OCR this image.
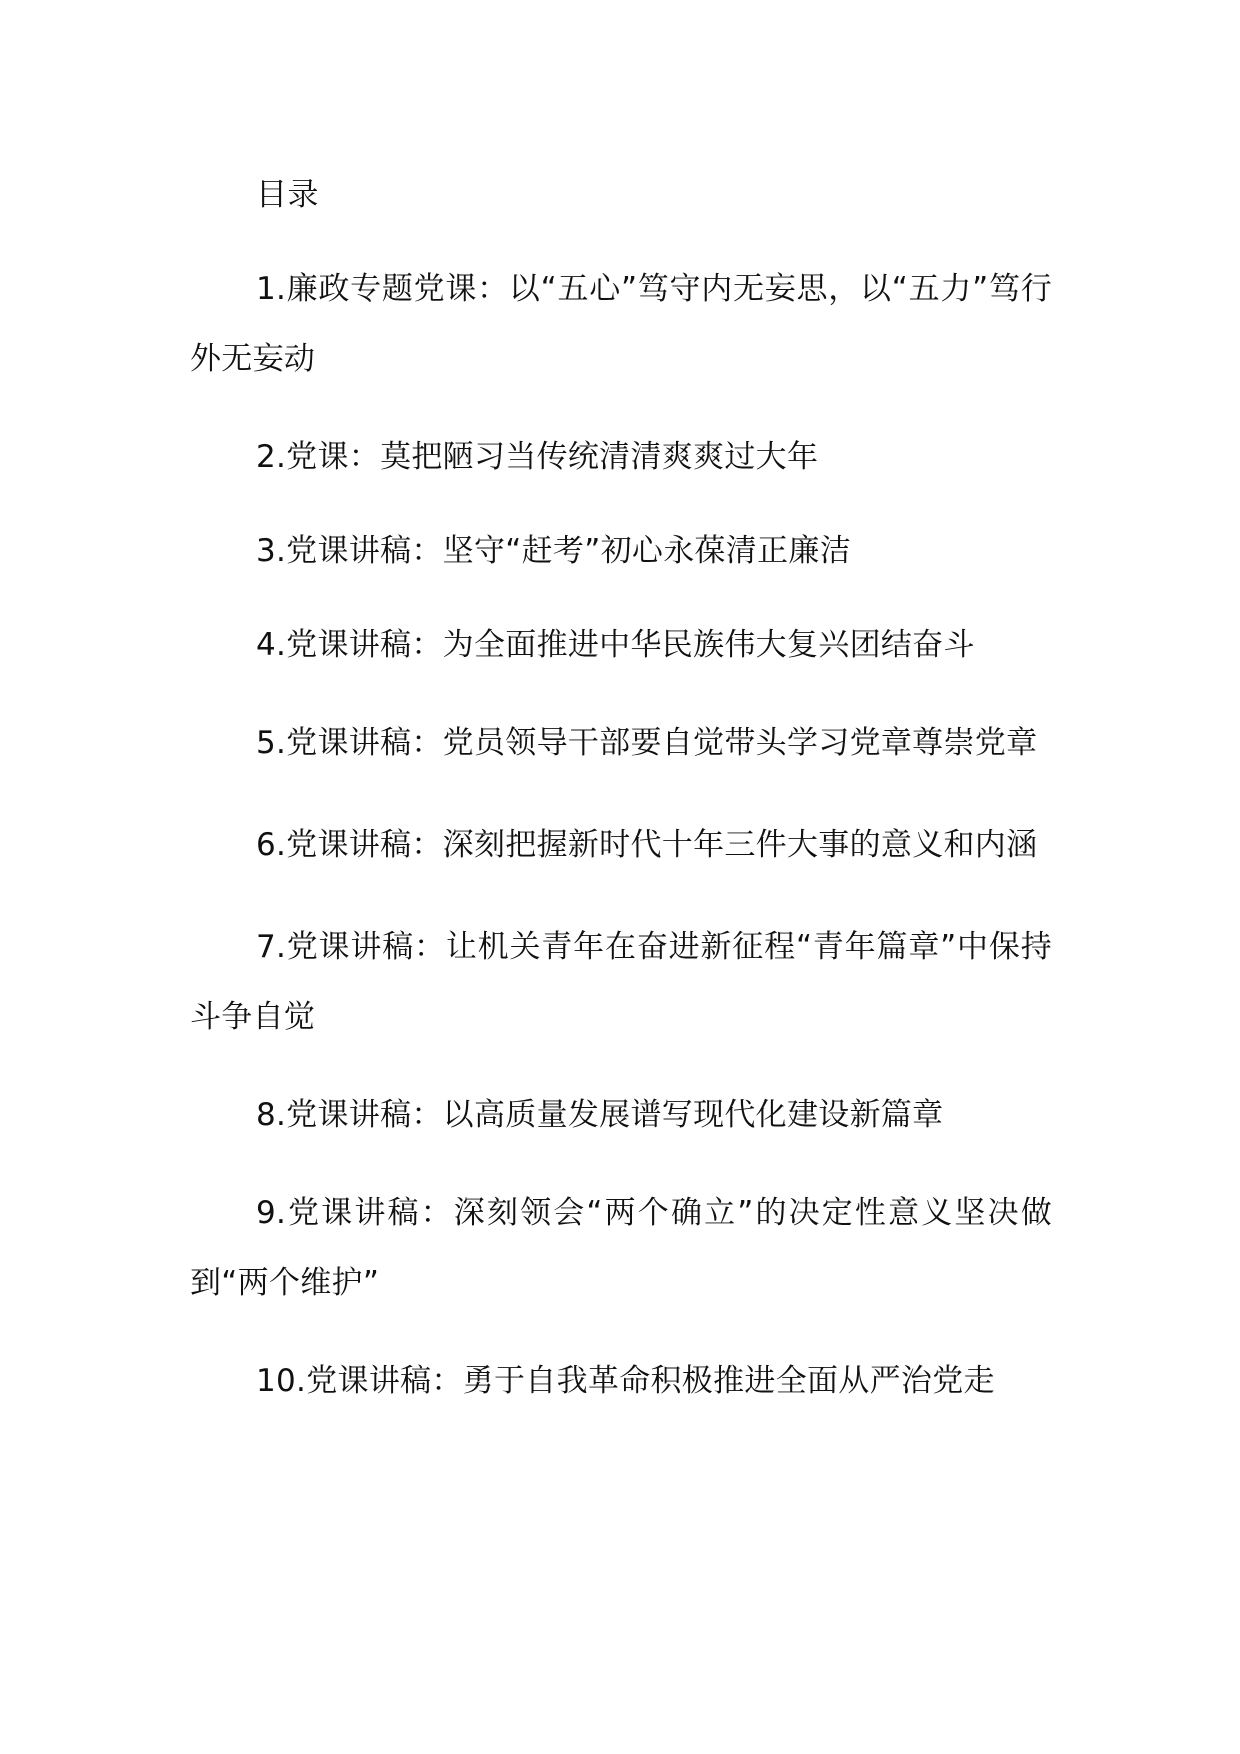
目录
1.廉政专题党课：以“五心”笃守内无妄思，以“五力”笃行外无妄动
2.党课：莫把陋习当传统清清爽爽过大年
3.党课讲稿：坚守“赶考”初心永葆清正廉洁
4.党课讲稿：为全面推进中华民族伟大复兴团结奋斗
5.党课讲稿：党员领导干部要自觉带头学习党章尊崇党章
6.党课讲稿：深刻把握新时代十年三件大事的意义和内涵
7.党课讲稿：让机关青年在奋进新征程“青年篇章”中保持斗争自觉
8.党课讲稿：以高质量发展谱写现代化建设新篇章
9.党课讲稿：深刻领会“两个确立”的决定性意义坚决做到“两个维护”
10.党课讲稿：勇于自我革命积极推进全面从严治党走
